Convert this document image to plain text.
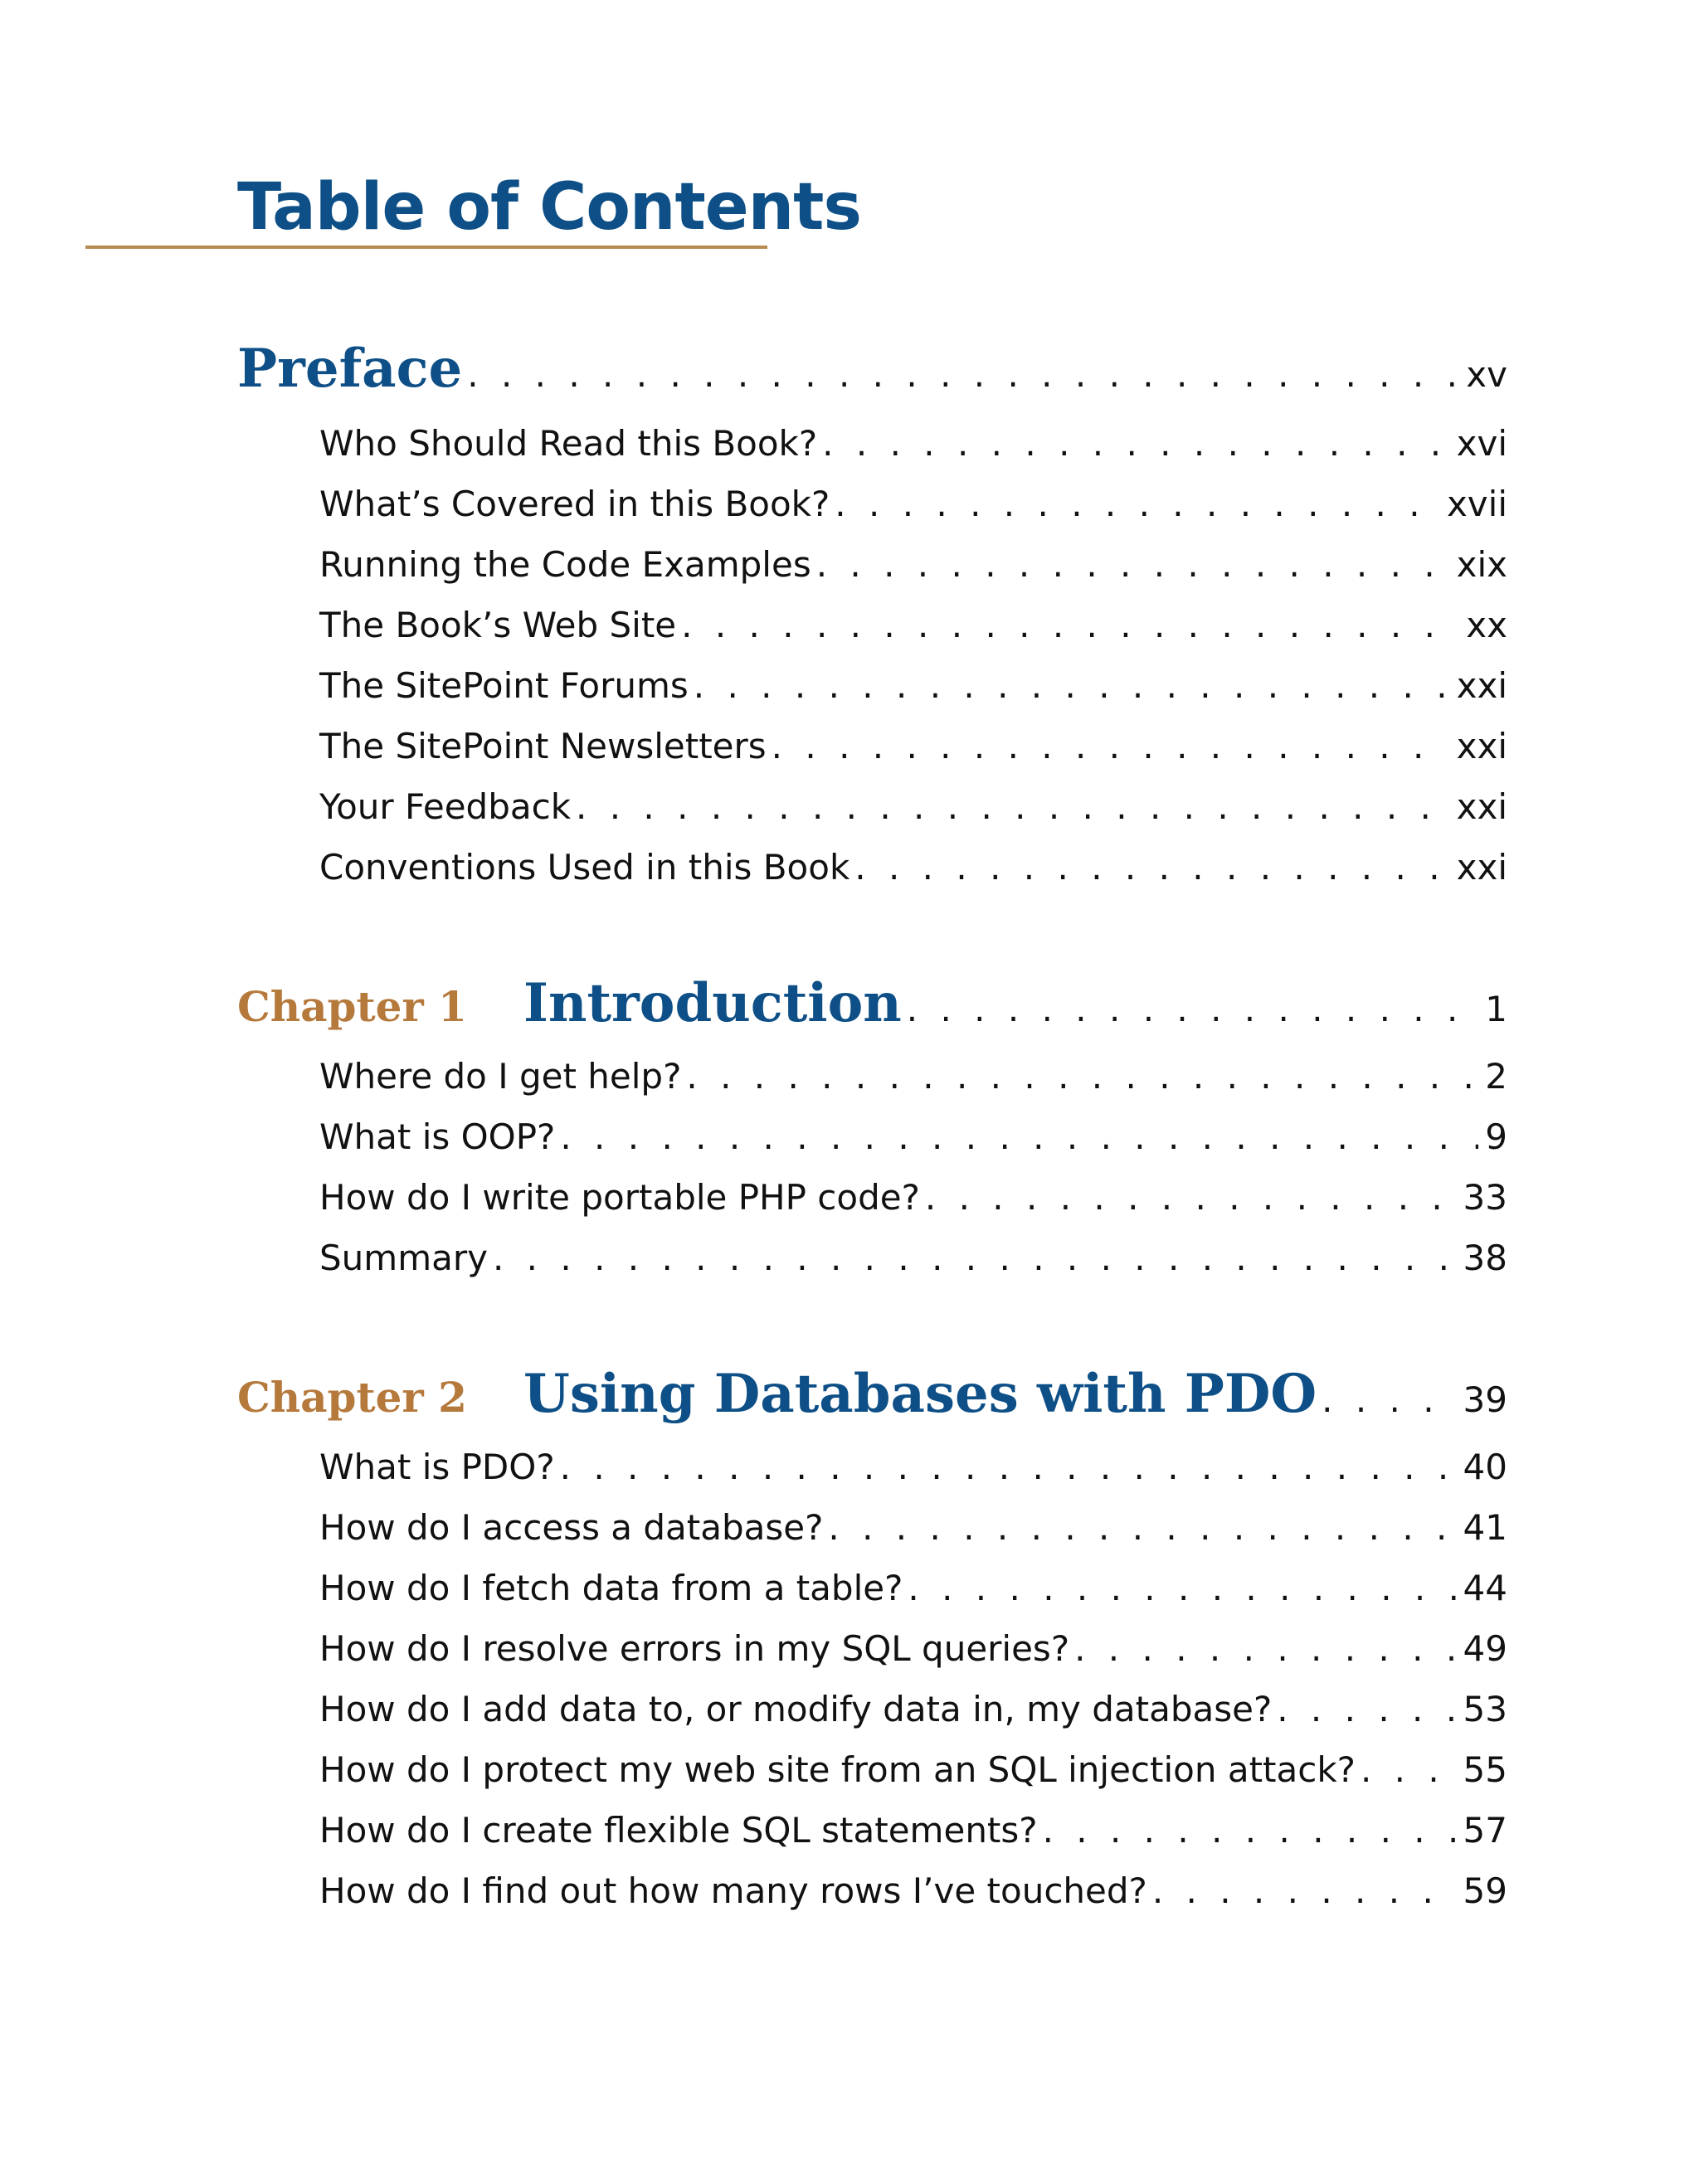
Table of Contents
Preface . . .	xv
Who Should Read this Book? . . .	xvi
What’s Covered in this Book? . . .	xvii
Running the Code Examples . . .	xix
The Book’s Web Site . . .	xx
The SitePoint Forums . . .	xxi
The SitePoint Newsletters . . .	xxi
Your Feedback . . .	xxi
Conventions Used in this Book . . .	xxi
Chapter 1	Introduction . . .	1
Where do I get help? . . .	2
What is OOP? . . .	9
How do I write portable PHP code? . . .	33
Summary . . .	38
Chapter 2	Using Databases with PDO . . .	39
What is PDO? . . .	40
How do I access a database? . . .	41
How do I fetch data from a table? . . .	44
How do I resolve errors in my SQL queries? . . .	49
How do I add data to, or modify data in, my database? . . .	53
How do I protect my web site from an SQL injection attack? . . .	55
How do I create flexible SQL statements? . . .	57
How do I find out how many rows I’ve touched? . . .	59
